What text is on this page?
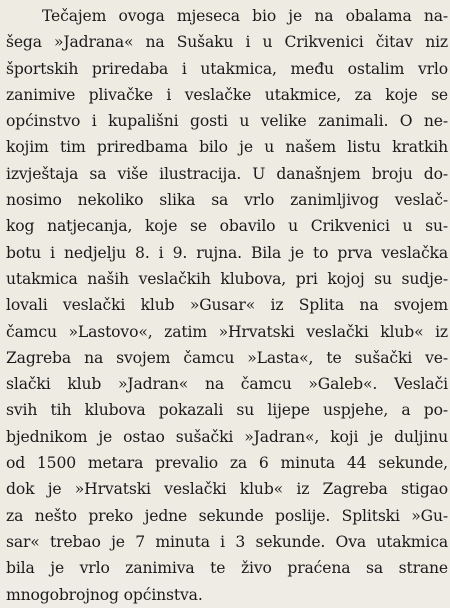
Tečajem ovoga mjeseca bio je na obalama na-
šega »Jadrana« na Sušaku i u Crikvenici čitav niz
športskih priredaba i utakmica, među ostalim vrlo
zanimive plivačke i veslačke utakmice, za koje se
općinstvo i kupališni gosti u velike zanimali. O ne-
kojim tim priredbama bilo je u našem listu kratkih
izvještaja sa više ilustracija. U današnjem broju do-
nosimo nekoliko slika sa vrlo zanimljivog veslač-
kog natjecanja, koje se obavilo u Crikvenici u su-
botu i nedjelju 8. i 9. rujna. Bila je to prva veslačka
utakmica naših veslačkih klubova, pri kojoj su sudje-
lovali veslački klub »Gusar« iz Splita na svojem
čamcu »Lastovo«, zatim »Hrvatski veslački klub« iz
Zagreba na svojem čamcu »Lasta«, te sušački ve-
slački klub »Jadran« na čamcu »Galeb«. Veslači
svih tih klubova pokazali su lijepe uspjehe, a po-
bjednikom je ostao sušački »Jadran«, koji je duljinu
od 1500 metara prevalio za 6 minuta 44 sekunde,
dok je »Hrvatski veslački klub« iz Zagreba stigao
za nešto preko jedne sekunde poslije. Splitski »Gu-
sar« trebao je 7 minuta i 3 sekunde. Ova utakmica
bila je vrlo zanimiva te živo praćena sa strane
mnogobrojnog općinstva.
